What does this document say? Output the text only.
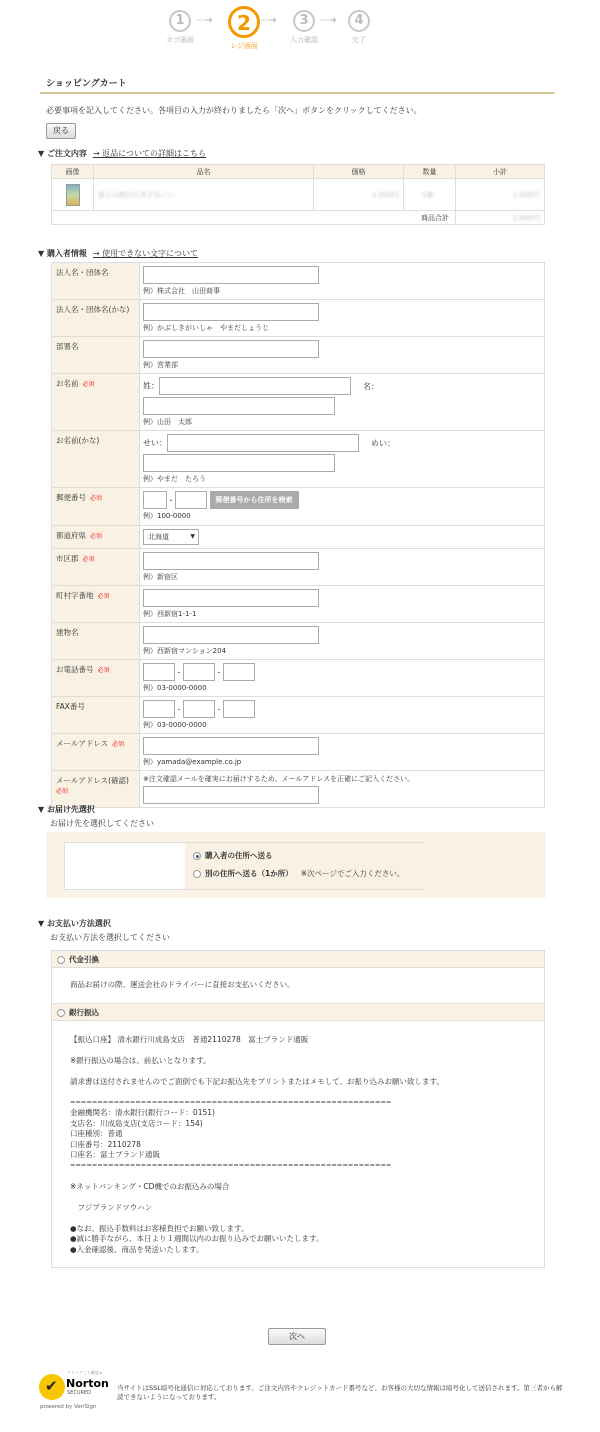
1
カゴ画面
·····➜	2
レジ画面
·····➜	3
入力確認
·····➜	4
完了
ショッピングカート
必要事項を記入してください。各項目の入力が終わりましたら「次へ」ボタンをクリックしてください。
戻る
▼ ご注文内容 → 返品についての詳細はこちら
画像	品名	価格	数量	小計

	富士山柄の日本手ぬぐい	1,000円	1個	1,000円
商品合計				1,000円
▼ 購入者情報 → 使用できない文字について
法人名・団体名	例）株式会社　山田商事

法人名・団体名(かな)	例）かぶしきがいしゃ　やまだしょうじ

部署名	例）営業部

お名前 必須	姓： 名：

例）山田　太郎

お名前(かな)	せい： めい：

例）やまだ　たろう

郵便番号 必須	- 郵便番号から住所を検索
例）100-0000

都道府県 必須	北海道 ▼

市区郡 必須	例）新宿区

町村字番地 必須	例）西新宿1-1-1

建物名	例）西新宿マンション204

お電話番号 必須	- -
例）03-0000-0000

FAX番号	- -
例）03-0000-0000

メールアドレス 必須	例）yamada@example.co.jp

メールアドレス(確認)
必須	※注文確認メールを確実にお届けするため、メールアドレスを正確にご記入ください。
▼ お届け先選択
お届け先を選択してください
購入者の住所へ送る
別の住所へ送る（1か所） ※次ページでご入力ください。
▼ お支払い方法選択
お支払い方法を選択してください
代金引換
商品お届けの際、運送会社のドライバーに直接お支払いください。
銀行振込
【振込口座】 清水銀行川成島支店　普通2110278　富士ブランド通販
※銀行振込の場合は、前払いとなります。
請求書は送付されませんのでご面倒でも下記お振込先をプリントまたはメモして、お振り込みお願い致します。
===========================================================
金融機関名：清水銀行(銀行コード：0151)
支店名：川成島支店(支店コード：154)
口座種別：普通
口座番号：2110278
口座名：富士ブランド通販
===========================================================
※ネットバンキング・CD機でのお振込みの場合
　フジブランドツウハン
●なお、振込手数料はお客様負担でお願い致します。
●誠に勝手ながら、本日より１週間以内のお振り込みでお願いいたします。
●入金確認後、商品を発送いたします。
次へ
クリックして確認 ▸
✔ Norton
SECURED
powered by VeriSign
当サイトはSSL暗号化通信に対応しております。ご注文内容やクレジットカード番号など、お客様の大切な情報は暗号化して送信されます。第三者から解読できないようになっております。
